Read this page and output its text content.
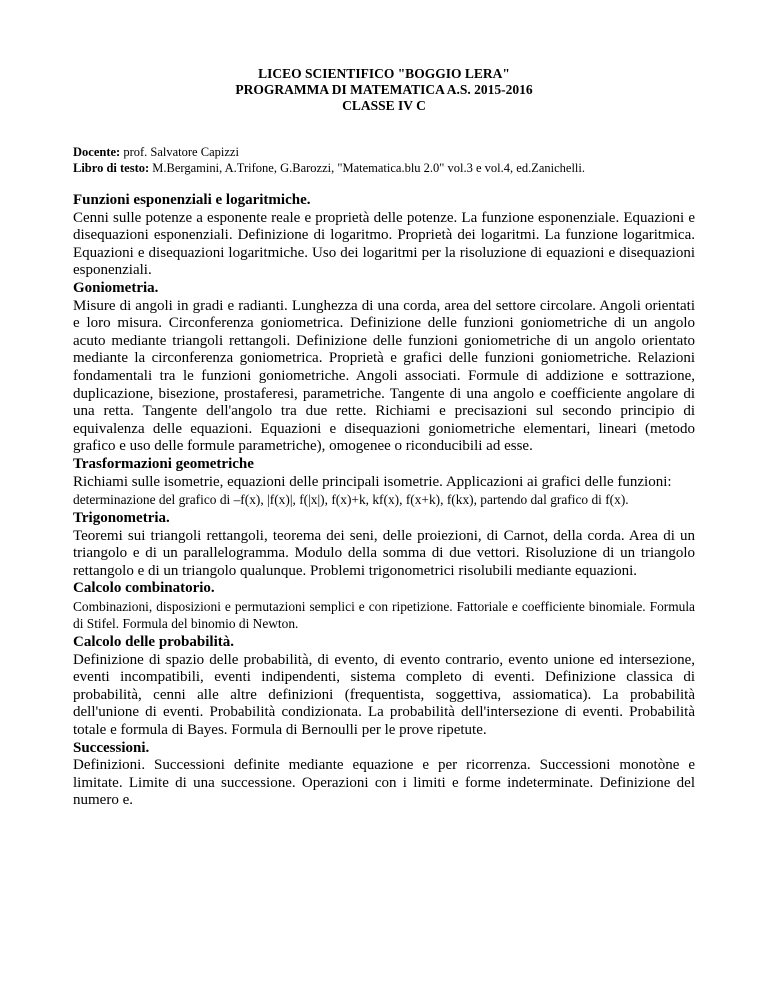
LICEO SCIENTIFICO "BOGGIO LERA"
PROGRAMMA DI MATEMATICA A.S. 2015-2016
CLASSE IV C
Docente: prof. Salvatore Capizzi
Libro di testo: M.Bergamini, A.Trifone, G.Barozzi, "Matematica.blu 2.0" vol.3 e vol.4, ed.Zanichelli.
Funzioni esponenziali e logaritmiche.
Cenni sulle potenze a esponente reale e proprietà delle potenze. La funzione esponenziale. Equazioni e disequazioni esponenziali. Definizione di logaritmo. Proprietà dei logaritmi. La funzione logaritmica. Equazioni e disequazioni logaritmiche. Uso dei logaritmi per la risoluzione di equazioni e disequazioni esponenziali.
Goniometria.
Misure di angoli in gradi e radianti. Lunghezza di una corda, area del settore circolare. Angoli orientati e loro misura. Circonferenza goniometrica. Definizione delle funzioni goniometriche di un angolo acuto mediante triangoli rettangoli. Definizione delle funzioni goniometriche di un angolo orientato mediante la circonferenza goniometrica. Proprietà e grafici delle funzioni goniometriche. Relazioni fondamentali tra le funzioni goniometriche. Angoli associati. Formule di addizione e sottrazione, duplicazione, bisezione, prostaferesi, parametriche. Tangente di una angolo e coefficiente angolare di una retta. Tangente dell'angolo tra due rette. Richiami e precisazioni sul secondo principio di equivalenza delle equazioni. Equazioni e disequazioni goniometriche elementari, lineari (metodo grafico e uso delle formule parametriche), omogenee o riconducibili ad esse.
Trasformazioni geometriche
Richiami sulle isometrie, equazioni delle principali isometrie. Applicazioni ai grafici delle funzioni:
determinazione del grafico di –f(x), |f(x)|, f(|x|), f(x)+k, kf(x), f(x+k), f(kx), partendo dal grafico di f(x).
Trigonometria.
Teoremi sui triangoli rettangoli, teorema dei seni, delle proiezioni, di Carnot, della corda. Area di un triangolo e di un parallelogramma. Modulo della somma di due vettori. Risoluzione di un triangolo rettangolo e di un triangolo qualunque. Problemi trigonometrici risolubili mediante equazioni.
Calcolo combinatorio.
Combinazioni, disposizioni e permutazioni semplici e con ripetizione. Fattoriale e coefficiente binomiale. Formula di Stifel. Formula del binomio di Newton.
Calcolo delle probabilità.
Definizione di spazio delle probabilità, di evento, di evento contrario, evento unione ed intersezione, eventi incompatibili, eventi indipendenti, sistema completo di eventi. Definizione classica di probabilità, cenni alle altre definizioni (frequentista, soggettiva, assiomatica). La probabilità dell'unione di eventi. Probabilità condizionata. La probabilità dell'intersezione di eventi. Probabilità totale e formula di Bayes. Formula di Bernoulli per le prove ripetute.
Successioni.
Definizioni. Successioni definite mediante equazione e per ricorrenza. Successioni monotòne e limitate. Limite di una successione. Operazioni con i limiti e forme indeterminate. Definizione del numero e.
